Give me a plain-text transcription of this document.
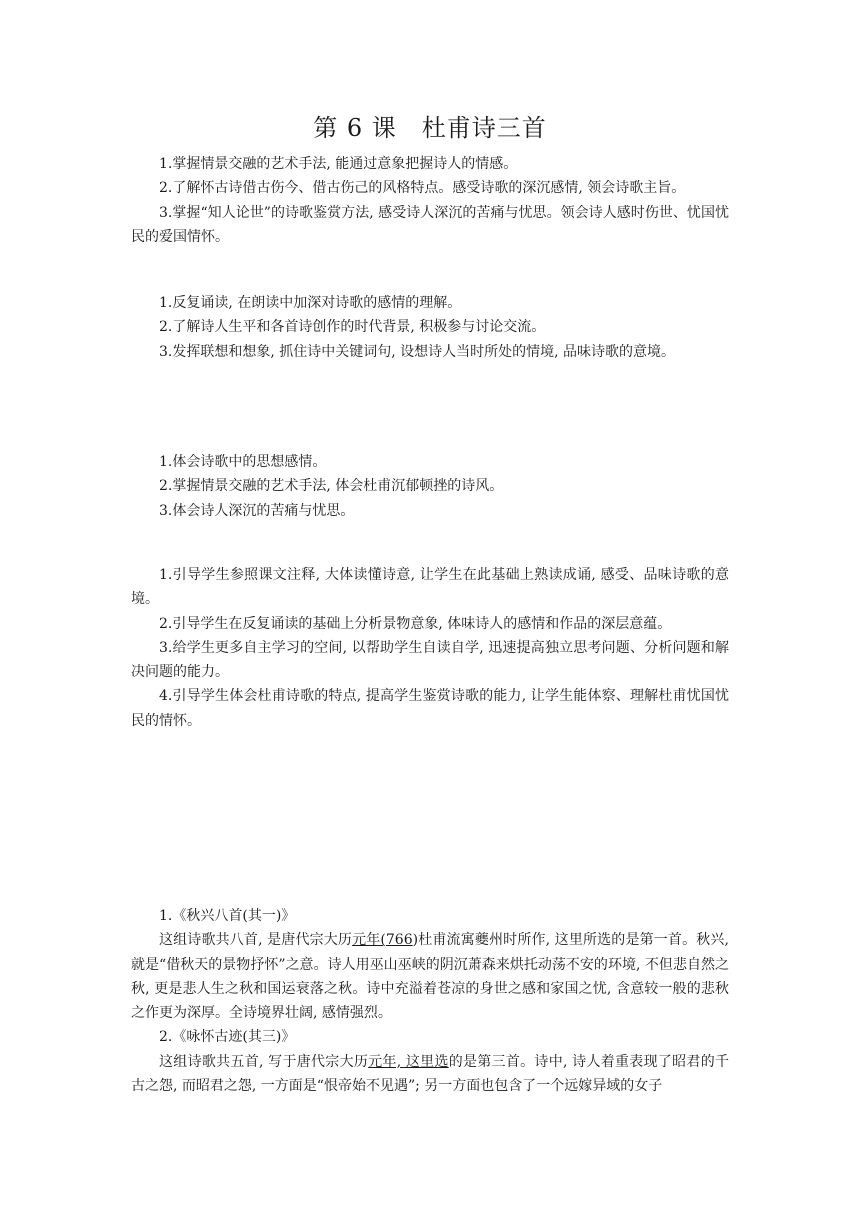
第 6 课　杜甫诗三首

1.掌握情景交融的艺术手法, 能通过意象把握诗人的情感。

2.了解怀古诗借古伤今、借古伤己的风格特点。感受诗歌的深沉感情, 领会诗歌主旨。

3.掌握“知人论世”的诗歌鉴赏方法, 感受诗人深沉的苦痛与忧思。领会诗人感时伤世、忧国忧民的爱国情怀。

1.反复诵读, 在朗读中加深对诗歌的感情的理解。

2.了解诗人生平和各首诗创作的时代背景, 积极参与讨论交流。

3.发挥联想和想象, 抓住诗中关键词句, 设想诗人当时所处的情境, 品味诗歌的意境。

1.体会诗歌中的思想感情。

2.掌握情景交融的艺术手法, 体会杜甫沉郁顿挫的诗风。

3.体会诗人深沉的苦痛与忧思。

1.引导学生参照课文注释, 大体读懂诗意, 让学生在此基础上熟读成诵, 感受、品味诗歌的意境。

2.引导学生在反复诵读的基础上分析景物意象, 体味诗人的感情和作品的深层意蕴。

3.给学生更多自主学习的空间, 以帮助学生自读自学, 迅速提高独立思考问题、分析问题和解决问题的能力。

4.引导学生体会杜甫诗歌的特点, 提高学生鉴赏诗歌的能力, 让学生能体察、理解杜甫忧国忧民的情怀。

1.《秋兴八首(其一)》

这组诗歌共八首, 是唐代宗大历元年(766)杜甫流寓夔州时所作, 这里所选的是第一首。秋兴, 就是“借秋天的景物抒怀”之意。诗人用巫山巫峡的阴沉萧森来烘托动荡不安的环境, 不但悲自然之秋, 更是悲人生之秋和国运衰落之秋。诗中充溢着苍凉的身世之感和家国之忧, 含意较一般的悲秋之作更为深厚。全诗境界壮阔, 感情强烈。

2.《咏怀古迹(其三)》

这组诗歌共五首, 写于唐代宗大历元年, 这里选的是第三首。诗中, 诗人着重表现了昭君的千古之怨, 而昭君之怨, 一方面是“恨帝始不见遇”; 另一方面也包含了一个远嫁异域的女子
